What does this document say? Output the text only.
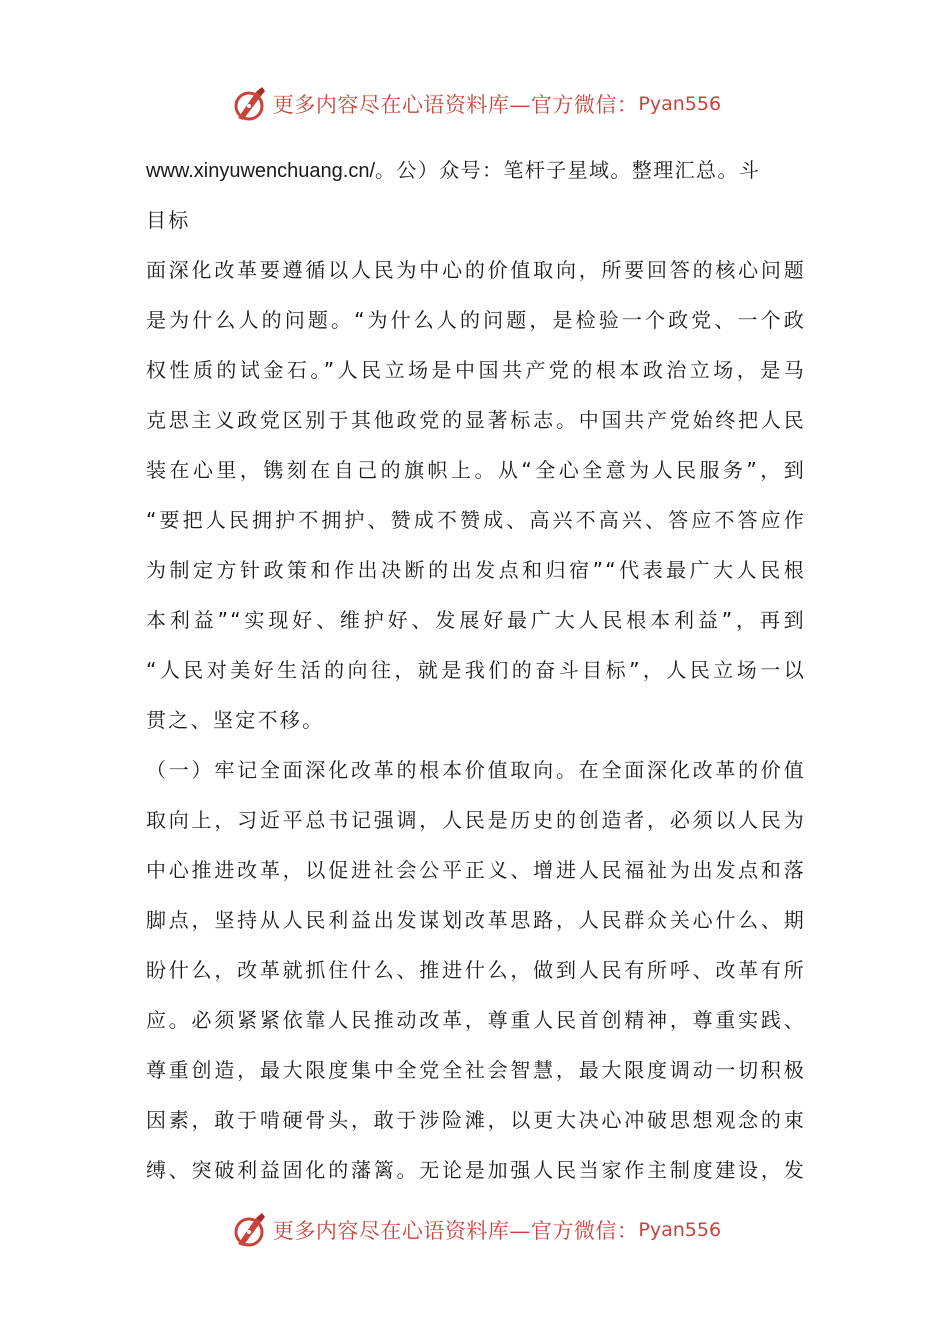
更多内容尽在心语资料库—官方微信： Pyan556
www.xinyuwenchuang.cn/。公）众号：笔杆子星域。整理汇总。斗
目标
面深化改革要遵循以人民为中心的价值取向，所要回答的核心问题
是为什么人的问题。“为什么人的问题，是检验一个政党、一个政
权性质的试金石。”人民立场是中国共产党的根本政治立场，是马
克思主义政党区别于其他政党的显著标志。中国共产党始终把人民
装在心里，镌刻在自己的旗帜上。从“全心全意为人民服务”，到
“要把人民拥护不拥护、赞成不赞成、高兴不高兴、答应不答应作
为制定方针政策和作出决断的出发点和归宿”“代表最广大人民根
本利益”“实现好、维护好、发展好最广大人民根本利益”，再到
“人民对美好生活的向往，就是我们的奋斗目标”，人民立场一以
贯之、坚定不移。
（一）牢记全面深化改革的根本价值取向。在全面深化改革的价值
取向上，习近平总书记强调，人民是历史的创造者，必须以人民为
中心推进改革，以促进社会公平正义、增进人民福祉为出发点和落
脚点，坚持从人民利益出发谋划改革思路，人民群众关心什么、期
盼什么，改革就抓住什么、推进什么，做到人民有所呼、改革有所
应。必须紧紧依靠人民推动改革，尊重人民首创精神，尊重实践、
尊重创造，最大限度集中全党全社会智慧，最大限度调动一切积极
因素，敢于啃硬骨头，敢于涉险滩，以更大决心冲破思想观念的束
缚、突破利益固化的藩篱。无论是加强人民当家作主制度建设，发
更多内容尽在心语资料库—官方微信： Pyan556
